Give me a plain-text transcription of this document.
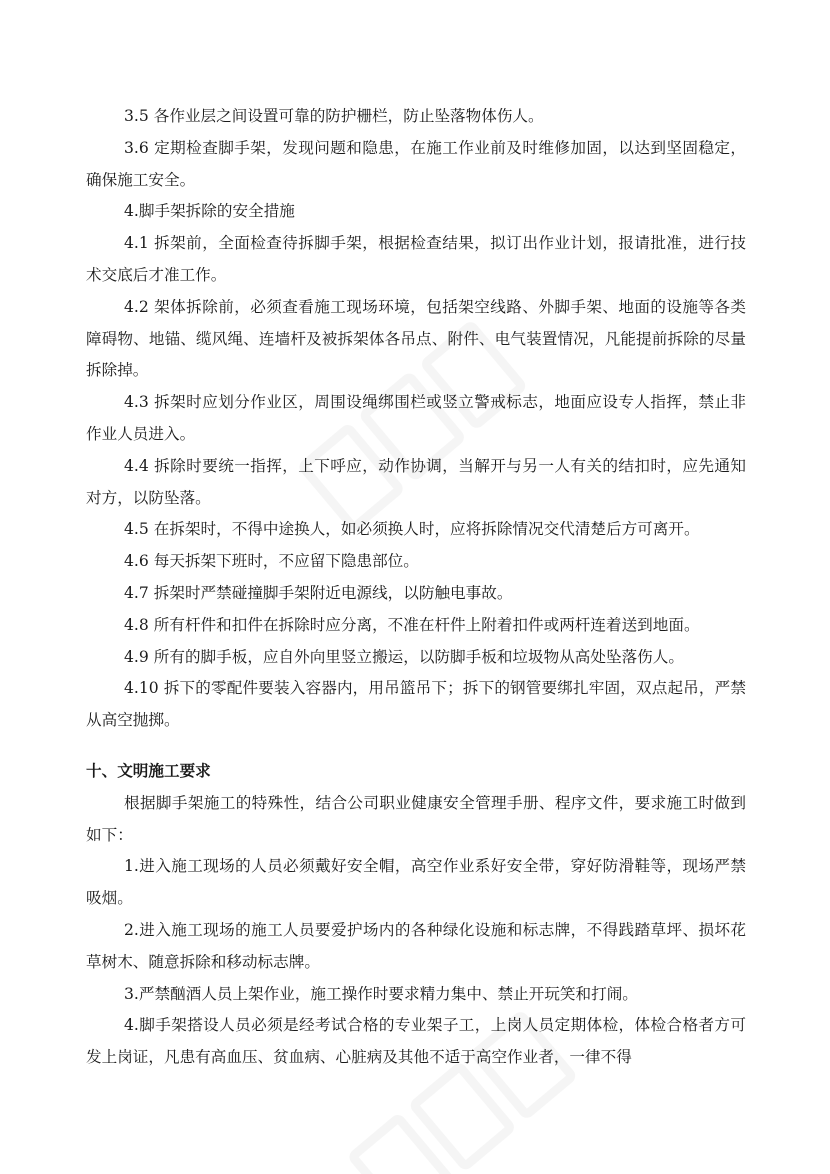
3.5 各作业层之间设置可靠的防护栅栏，防止坠落物体伤人。

3.6 定期检查脚手架，发现问题和隐患，在施工作业前及时维修加固，以达到坚固稳定，确保施工安全。

4.脚手架拆除的安全措施

4.1 拆架前，全面检查待拆脚手架，根据检查结果，拟订出作业计划，报请批准，进行技术交底后才准工作。

4.2 架体拆除前，必须查看施工现场环境，包括架空线路、外脚手架、地面的设施等各类障碍物、地锚、缆风绳、连墙杆及被拆架体各吊点、附件、电气装置情况，凡能提前拆除的尽量拆除掉。

4.3 拆架时应划分作业区，周围设绳绑围栏或竖立警戒标志，地面应设专人指挥，禁止非作业人员进入。

4.4 拆除时要统一指挥，上下呼应，动作协调，当解开与另一人有关的结扣时，应先通知对方，以防坠落。

4.5 在拆架时，不得中途换人，如必须换人时，应将拆除情况交代清楚后方可离开。

4.6 每天拆架下班时，不应留下隐患部位。

4.7 拆架时严禁碰撞脚手架附近电源线，以防触电事故。

4.8 所有杆件和扣件在拆除时应分离，不准在杆件上附着扣件或两杆连着送到地面。

4.9 所有的脚手板，应自外向里竖立搬运，以防脚手板和垃圾物从高处坠落伤人。

4.10 拆下的零配件要装入容器内，用吊篮吊下；拆下的钢管要绑扎牢固，双点起吊，严禁从高空抛掷。

十、文明施工要求

根据脚手架施工的特殊性，结合公司职业健康安全管理手册、程序文件，要求施工时做到如下：

1.进入施工现场的人员必须戴好安全帽，高空作业系好安全带，穿好防滑鞋等，现场严禁吸烟。

2.进入施工现场的施工人员要爱护场内的各种绿化设施和标志牌，不得践踏草坪、损坏花草树木、随意拆除和移动标志牌。

3.严禁酗酒人员上架作业，施工操作时要求精力集中、禁止开玩笑和打闹。

4.脚手架搭设人员必须是经考试合格的专业架子工，上岗人员定期体检，体检合格者方可发上岗证，凡患有高血压、贫血病、心脏病及其他不适于高空作业者，一律不得
